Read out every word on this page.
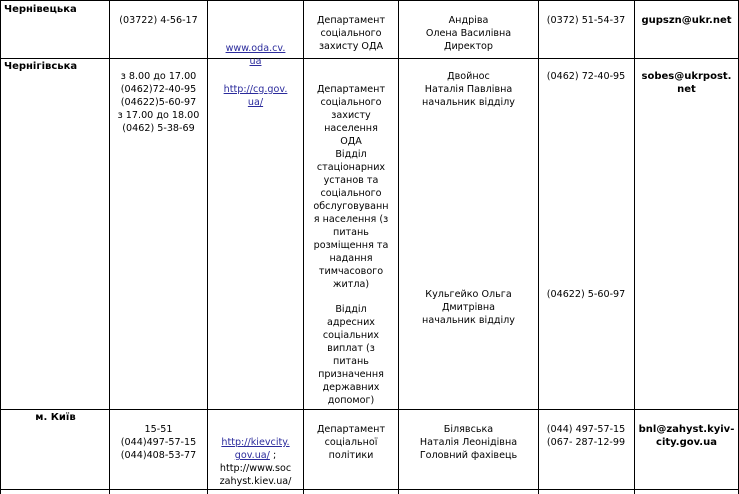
Чернівецька
(03722) 4-56-17

www.oda.cv.
ua

Департамент
соціального
захисту ОДА
Андріва
Олена Василівна
Директор
(0372) 51-54-37	gupszn@ukr.net
Чернігівська
з 8.00 до 17.00
(0462)72-40-95
(04622)5-60-97
з 17.00 до 18.00
(0462) 5-38-69

http://cg.gov.
ua/

Департамент
соціального
захисту
населення
ОДА
Відділ
стаціонарних
установ та
соціального
обслуговуванн
я населення (з
питань
розміщення та
надання
тимчасового
житла)

Відділ
адресних
соціальних
виплат (з
питань
призначення
державних
допомог)
Двойнос
Наталія Павлівна
начальник відділу
Кульгейко Ольга
Дмитрівна
начальник відділу
(0462) 72-40-95
(04622) 5-60-97
sobes@ukrpost.
net
м. Київ
15-51
(044)497-57-15
(044)408-53-77

http://kievcity.
gov.ua/ ;
http://www.soc
zahyst.kiev.ua/

Департамент
соціальної
політики
Білявська
Наталія Леонідівна
Головний фахівець
(044) 497-57-15
(067- 287-12-99
bnl@zahyst.kyiv-
city.gov.ua
